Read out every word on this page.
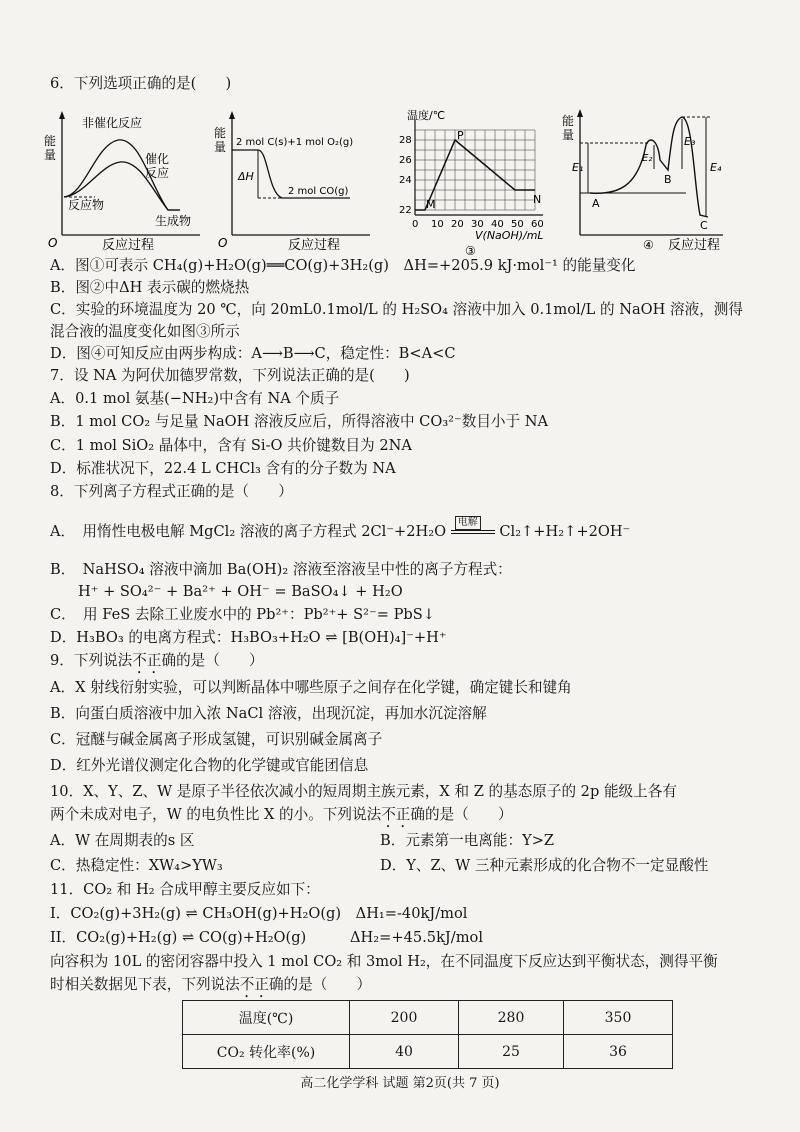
6．下列选项正确的是(　　)
能
量
非催化反应
催化
反应
反应物
生成物
O	反应过程
能
量 2 mol C(s)+1 mol O₂(g)
ΔH
2 mol CO(g)
O	反应过程
温度/℃
28
26
24
22
0 10 20 30 40 50 60
P
M	N
V(NaOH)/mL
③
能
量
E₁
E₂
E₃
E₄
A
B
C
反应过程
④
A．图①可表示 CH₄(g)+H₂O(g)══CO(g)+3H₂(g)　ΔH=+205.9 kJ·mol⁻¹ 的能量变化
B．图②中ΔH 表示碳的燃烧热
C．实验的环境温度为 20 ℃，向 20mL0.1mol/L 的 H₂SO₄ 溶液中加入 0.1mol/L 的 NaOH 溶液，测得
混合液的温度变化如图③所示
D．图④可知反应由两步构成：A⟶B⟶C，稳定性：B<A<C
7．设 NA 为阿伏加德罗常数，下列说法正确的是(　　)
A．0.1 mol 氨基(−NH₂)中含有 NA 个质子
B．1 mol CO₂ 与足量 NaOH 溶液反应后，所得溶液中 CO₃²⁻数目小于 NA
C．1 mol SiO₂ 晶体中，含有 Si-O 共价键数目为 2NA
D．标准状况下，22.4 L CHCl₃ 含有的分子数为 NA
8．下列离子方程式正确的是（　　）
A．　用惰性电极电解 MgCl₂ 溶液的离子方程式 2Cl⁻+2H₂O
电解
Cl₂↑+H₂↑+2OH⁻
B．　NaHSO₄ 溶液中滴加 Ba(OH)₂ 溶液至溶液呈中性的离子方程式：
H⁺ + SO₄²⁻ + Ba²⁺ + OH⁻ = BaSO₄↓ + H₂O
C．　用 FeS 去除工业废水中的 Pb²⁺：Pb²⁺+ S²⁻= PbS↓
D．H₃BO₃ 的电离方程式：H₃BO₃+H₂O ⇌ [B(OH)₄]⁻+H⁺
9．下列说法不正确的是（　　）
A．X 射线衍射实验，可以判断晶体中哪些原子之间存在化学键，确定键长和键角
B．向蛋白质溶液中加入浓 NaCl 溶液，出现沉淀，再加水沉淀溶解
C．冠醚与碱金属离子形成氢键，可识别碱金属离子
D．红外光谱仪测定化合物的化学键或官能团信息
10．X、Y、Z、W 是原子半径依次减小的短周期主族元素，X 和 Z 的基态原子的 2p 能级上各有
两个未成对电子，W 的电负性比 X 的小。下列说法不正确的是（　　）
A．W 在周期表的s 区	B．元素第一电离能：Y>Z
C．热稳定性：XW₄>YW₃	D．Y、Z、W 三种元素形成的化合物不一定显酸性
11．CO₂ 和 H₂ 合成甲醇主要反应如下：
I．CO₂(g)+3H₂(g) ⇌ CH₃OH(g)+H₂O(g)　ΔH₁=-40kJ/mol
II．CO₂(g)+H₂(g) ⇌ CO(g)+H₂O(g)　　　ΔH₂=+45.5kJ/mol
向容积为 10L 的密闭容器中投入 1 mol CO₂ 和 3mol H₂，在不同温度下反应达到平衡状态，测得平衡
时相关数据见下表，下列说法不正确的是（　　）
温度(℃)	200	280	350
CO₂ 转化率(%)	40	25	36
高二化学学科 试题 第2页(共 7 页)
